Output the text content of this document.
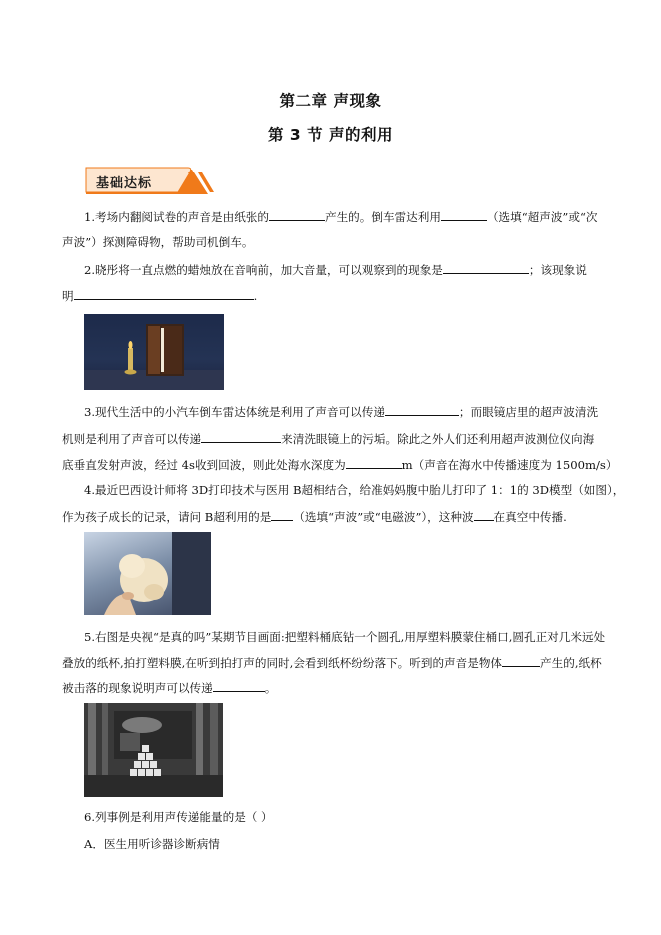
第二章 声现象
第 3 节 声的利用
基础达标
1.考场内翻阅试卷的声音是由纸张的	产生的。倒车雷达利用	（选填“超声波”或“次
声波”）探测障碍物，帮助司机倒车。
2.晓彤将一直点燃的蜡烛放在音响前，加大音量，可以观察到的现象是	；该现象说
明	.
3.现代生活中的小汽车倒车雷达体统是利用了声音可以传递	；而眼镜店里的超声波清洗
机则是利用了声音可以传递	来清洗眼镜上的污垢。除此之外人们还利用超声波测位仪向海
底垂直发射声波，经过 4s收到回波，则此处海水深度为	m（声音在海水中传播速度为 1500m/s）
4.最近巴西设计师将 3D打印技术与医用 B超相结合，给准妈妈腹中胎儿打印了 1：1的 3D模型（如图），
作为孩子成长的记录，请问 B超利用的是 （选填“声波”或“电磁波”），这种波 在真空中传播.
5.右图是央视“是真的吗”某期节目画面:把塑料桶底钻一个圆孔,用厚塑料膜蒙住桶口,圆孔正对几米远处
叠放的纸杯,拍打塑料膜,在听到拍打声的同时,会看到纸杯纷纷落下。听到的声音是物体	产生的,纸杯
被击落的现象说明声可以传递	。
6.列事例是利用声传递能量的是（ ）
A．医生用听诊器诊断病情
